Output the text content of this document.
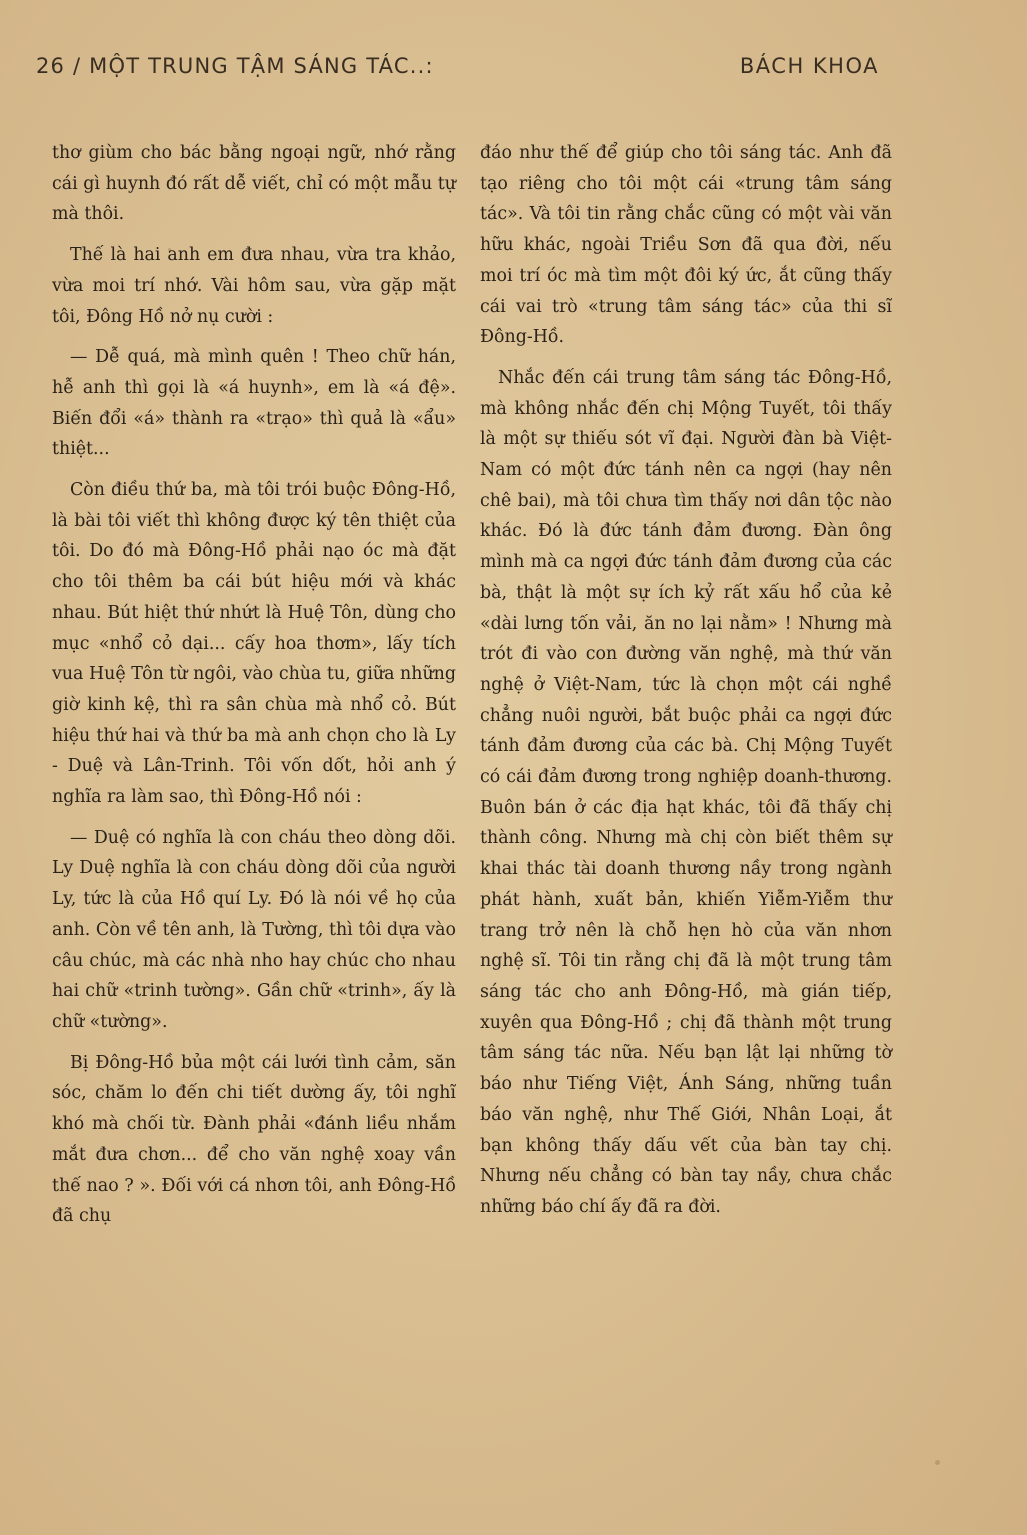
26 / MỘT TRUNG TẬM SÁNG TÁC..:	BÁCH KHOA

thơ giùm cho bác bằng ngoại ngữ, nhớ rằng cái gì huynh đó rất dễ viết, chỉ có một mẫu tự mà thôi.

Thế là hai anh em đưa nhau, vừa tra khảo, vừa moi trí nhớ. Vài hôm sau, vừa gặp mặt tôi, Đông Hồ nở nụ cười :

— Dễ quá, mà mình quên ! Theo chữ hán, hễ anh thì gọi là «á huynh», em là «á đệ». Biến đổi «á» thành ra «trạo» thì quả là «ẩu» thiệt...

Còn điều thứ ba, mà tôi trói buộc Đông-Hồ, là bài tôi viết thì không được ký tên thiệt của tôi. Do đó mà Đông-Hồ phải nạo óc mà đặt cho tôi thêm ba cái bút hiệu mới và khác nhau. Bút hiệt thứ nhứt là Huệ Tôn, dùng cho mục «nhổ cỏ dại... cấy hoa thơm», lấy tích vua Huệ Tôn từ ngôi, vào chùa tu, giữa những giờ kinh kệ, thì ra sân chùa mà nhổ cỏ. Bút hiệu thứ hai và thứ ba mà anh chọn cho là Ly - Duệ và Lân-Trinh. Tôi vốn dốt, hỏi anh ý nghĩa ra làm sao, thì Đông-Hồ nói :

— Duệ có nghĩa là con cháu theo dòng dõi. Ly Duệ nghĩa là con cháu dòng dõi của người Ly, tức là của Hồ quí Ly. Đó là nói về họ của anh. Còn về tên anh, là Tường, thì tôi dựa vào câu chúc, mà các nhà nho hay chúc cho nhau hai chữ «trinh tường». Gần chữ «trinh», ấy là chữ «tường».

Bị Đông-Hồ bủa một cái lưới tình cảm, săn sóc, chăm lo đến chi tiết dường ấy, tôi nghĩ khó mà chối từ. Đành phải «đánh liều nhắm mắt đưa chơn... để cho văn nghệ xoay vần thế nao ? ». Đối với cá nhơn tôi, anh Đông-Hồ đã chụ

đáo như thế để giúp cho tôi sáng tác. Anh đã tạo riêng cho tôi một cái «trung tâm sáng tác». Và tôi tin rằng chắc cũng có một vài văn hữu khác, ngoài Triều Sơn đã qua đời, nếu moi trí óc mà tìm một đôi ký ức, ắt cũng thấy cái vai trò «trung tâm sáng tác» của thi sĩ Đông-Hồ.

Nhắc đến cái trung tâm sáng tác Đông-Hồ, mà không nhắc đến chị Mộng Tuyết, tôi thấy là một sự thiếu sót vĩ đại. Người đàn bà Việt-Nam có một đức tánh nên ca ngợi (hay nên chê bai), mà tôi chưa tìm thấy nơi dân tộc nào khác. Đó là đức tánh đảm đương. Đàn ông mình mà ca ngợi đức tánh đảm đương của các bà, thật là một sự ích kỷ rất xấu hổ của kẻ «dài lưng tốn vải, ăn no lại nằm» ! Nhưng mà trót đi vào con đường văn nghệ, mà thứ văn nghệ ở Việt-Nam, tức là chọn một cái nghề chẳng nuôi người, bắt buộc phải ca ngợi đức tánh đảm đương của các bà. Chị Mộng Tuyết có cái đảm đương trong nghiệp doanh-thương. Buôn bán ở các địa hạt khác, tôi đã thấy chị thành công. Nhưng mà chị còn biết thêm sự khai thác tài doanh thương nầy trong ngành phát hành, xuất bản, khiến Yiễm-Yiễm thư trang trở nên là chỗ hẹn hò của văn nhơn nghệ sĩ. Tôi tin rằng chị đã là một trung tâm sáng tác cho anh Đông-Hồ, mà gián tiếp, xuyên qua Đông-Hồ ; chị đã thành một trung tâm sáng tác nữa. Nếu bạn lật lại những tờ báo như Tiếng Việt, Ánh Sáng, những tuần báo văn nghệ, như Thế Giới, Nhân Loại, ắt bạn không thấy dấu vết của bàn tay chị. Nhưng nếu chẳng có bàn tay nầy, chưa chắc những báo chí ấy đã ra đời.
